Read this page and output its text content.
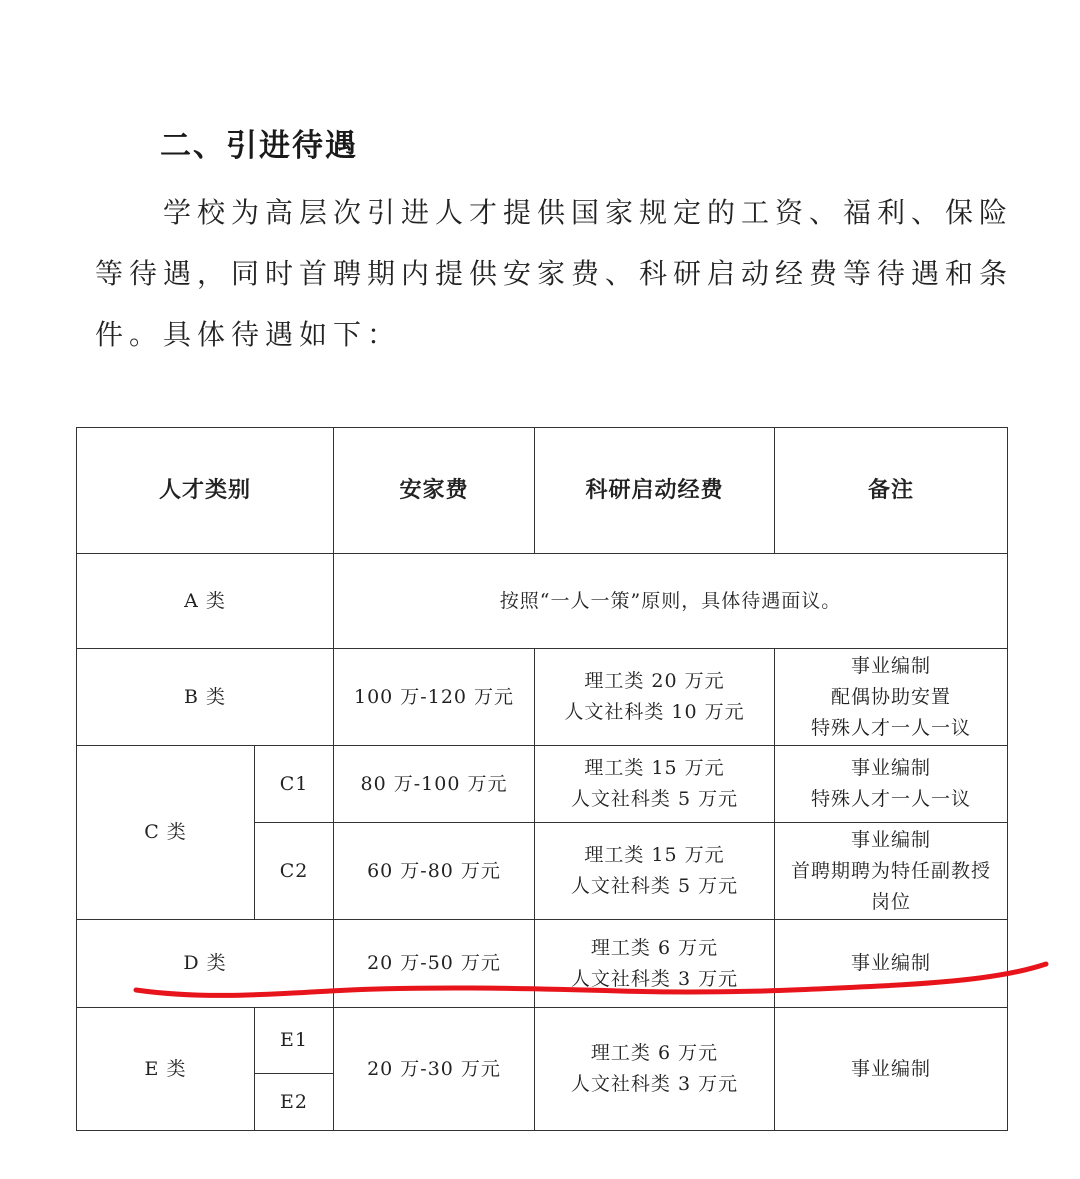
二、引进待遇

学校为高层次引进人才提供国家规定的工资、福利、保险等待遇，同时首聘期内提供安家费、科研启动经费等待遇和条件。具体待遇如下：

人才类别		安家费	科研启动经费	备注
A 类		按照“一人一策”原则，具体待遇面议。		
B 类		100 万-120 万元	理工类 20 万元
人文社科类 10 万元	事业编制
配偶协助安置
特殊人才一人一议

C 类	C1	80 万-100 万元	理工类 15 万元
人文社科类 5 万元	事业编制
特殊人才一人一议

	C2	60 万-80 万元	理工类 15 万元
人文社科类 5 万元	事业编制
首聘期聘为特任副教授
岗位

D 类		20 万-50 万元	理工类 6 万元
人文社科类 3 万元	事业编制
E 类	E1	20 万-30 万元	理工类 6 万元
人文社科类 3 万元	事业编制
	E2			
